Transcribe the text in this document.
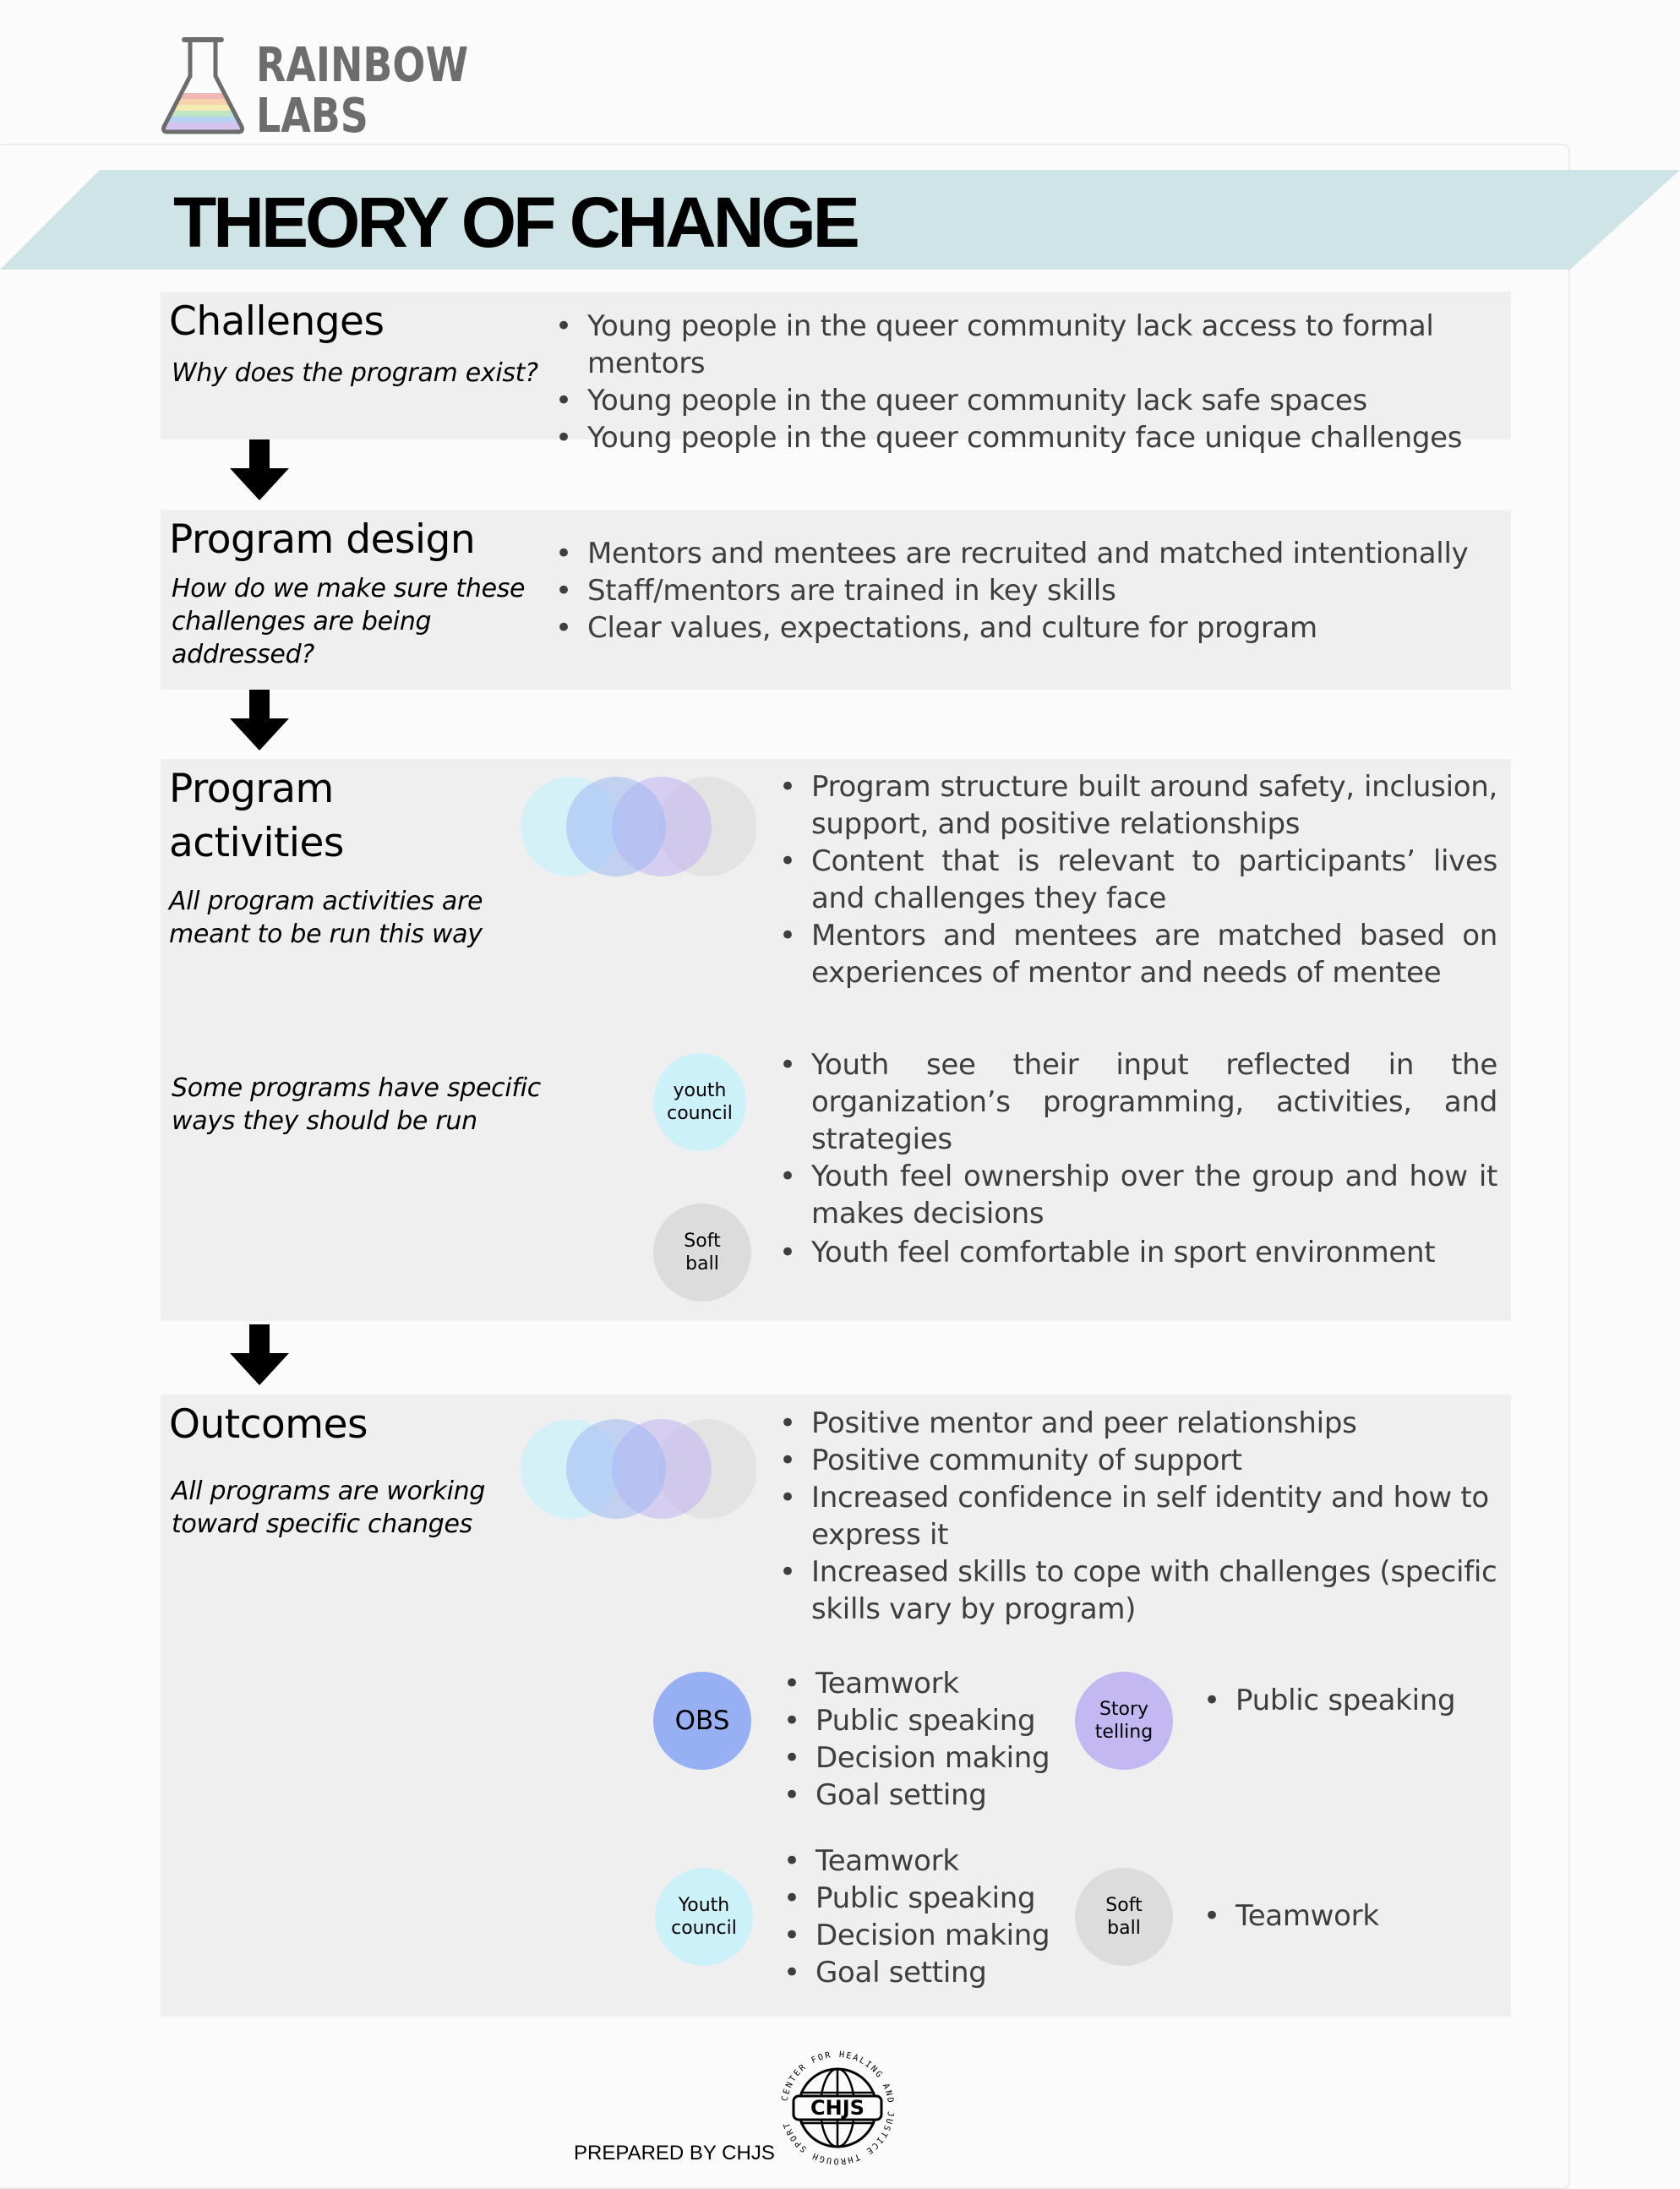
RAINBOW
LABS
THEORY OF CHANGE
Challenges
Why does the program exist?
• Young people in the queer community lack access to formal mentors
• Young people in the queer community lack safe spaces
• Young people in the queer community face unique challenges
Program design
How do we make sure these challenges are being addressed?
• Mentors and mentees are recruited and matched intentionally
• Staff/mentors are trained in key skills
• Clear values, expectations, and culture for program
Program activities
All program activities are meant to be run this way
• Program structure built around safety, inclusion, support, and positive relationships
• Content that is relevant to participants’ lives and challenges they face
• Mentors and mentees are matched based on experiences of mentor and needs of mentee
Some programs have specific ways they should be run
youth council
• Youth see their input reflected in the organization’s programming, activities, and strategies
• Youth feel ownership over the group and how it makes decisions
Soft ball	• Youth feel comfortable in sport environment
Outcomes
All programs are working toward specific changes
• Positive mentor and peer relationships
• Positive community of support
• Increased confidence in self identity and how to express it
• Increased skills to cope with challenges (specific skills vary by program)
OBS
• Teamwork
• Public speaking
• Decision making
• Goal setting
Story telling
• Public speaking
Youth council
• Teamwork
• Public speaking
• Decision making
• Goal setting
Soft ball	• Teamwork
PREPARED BY CHJS
CHJS
CENTER FOR HEALING AND JUSTICE THROUGH SPORT
